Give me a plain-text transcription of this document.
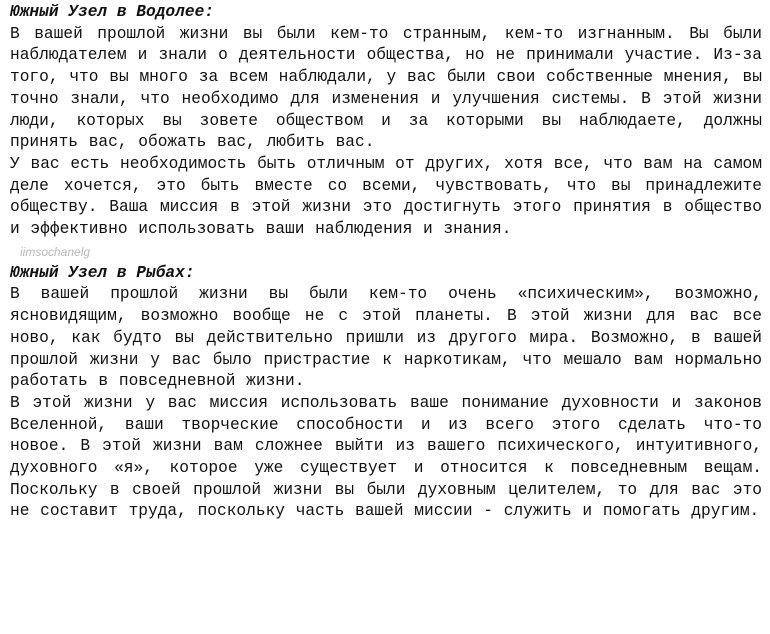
Южный Узел в Водолее:

В вашей прошлой жизни вы были кем-то странным, кем-то изгнанным. Вы были наблюдателем и знали о деятельности общества, но не принимали участие. Из-за того, что вы много за всем наблюдали, у вас были свои собственные мнения, вы точно знали, что необходимо для изменения и улучшения системы. В этой жизни люди, которых вы зовете обществом и за которыми вы наблюдаете, должны принять вас, обожать вас, любить вас.

У вас есть необходимость быть отличным от других, хотя все, что вам на самом деле хочется, это быть вместе со всеми, чувствовать, что вы принадлежите обществу. Ваша миссия в этой жизни это достигнуть этого принятия в общество и эффективно использовать ваши наблюдения и знания.

iimsochanelg

Южный Узел в Рыбах:

В вашей прошлой жизни вы были кем-то очень «психическим», возможно, ясновидящим, возможно вообще не с этой планеты. В этой жизни для вас все ново, как будто вы действительно пришли из другого мира. Возможно, в вашей прошлой жизни у вас было пристрастие к наркотикам, что мешало вам нормально работать в повседневной жизни.

В этой жизни у вас миссия использовать ваше понимание духовности и законов Вселенной, ваши творческие способности и из всего этого сделать что-то новое. В этой жизни вам сложнее выйти из вашего психического, интуитивного, духовного «я», которое уже существует и относится к повседневным вещам. Поскольку в своей прошлой жизни вы были духовным целителем, то для вас это не составит труда, поскольку часть вашей миссии - служить и помогать другим.
